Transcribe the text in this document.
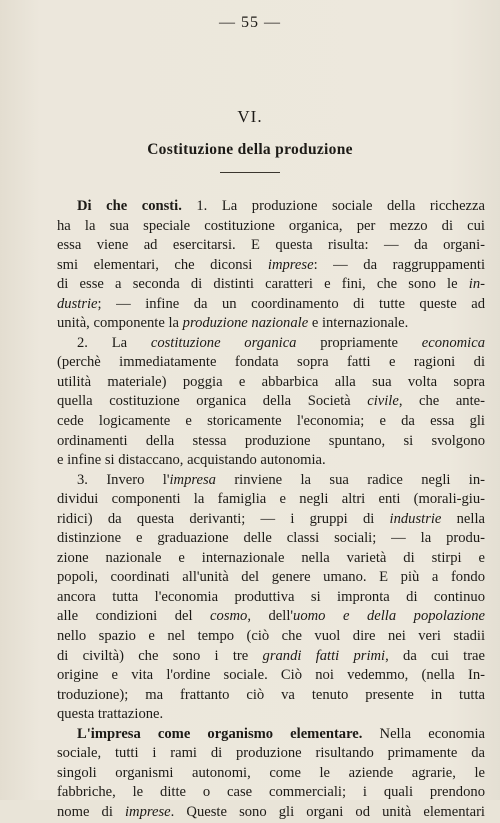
— 55 —
VI.
Costituzione della produzione
Di che consti. 1. La produzione sociale della ricchezza
ha la sua speciale costituzione organica, per mezzo di cui
essa viene ad esercitarsi. E questa risulta: — da organi-
smi elementari, che diconsi imprese: — da raggruppamenti
di esse a seconda di distinti caratteri e fini, che sono le in-
dustrie; — infine da un coordinamento di tutte queste ad
unità, componente la produzione nazionale e internazionale.
2. La costituzione organica propriamente economica
(perchè immediatamente fondata sopra fatti e ragioni di
utilità materiale) poggia e abbarbica alla sua volta sopra
quella costituzione organica della Società civile, che ante-
cede logicamente e storicamente l'economia; e da essa gli
ordinamenti della stessa produzione spuntano, si svolgono
e infine si distaccano, acquistando autonomia.
3. Invero l'impresa rinviene la sua radice negli in-
dividui componenti la famiglia e negli altri enti (morali-giu-
ridici) da questa derivanti; — i gruppi di industrie nella
distinzione e graduazione delle classi sociali; — la produ-
zione nazionale e internazionale nella varietà di stirpi e
popoli, coordinati all'unità del genere umano. E più a fondo
ancora tutta l'economia produttiva si impronta di continuo
alle condizioni del cosmo, dell'uomo e della popolazione
nello spazio e nel tempo (ciò che vuol dire nei veri stadii
di civiltà) che sono i tre grandi fatti primi, da cui trae
origine e vita l'ordine sociale. Ciò noi vedemmo, (nella In-
troduzione); ma frattanto ciò va tenuto presente in tutta
questa trattazione.
L'impresa come organismo elementare. Nella economia
sociale, tutti i rami di produzione risultando primamente da
singoli organismi autonomi, come le aziende agrarie, le
fabbriche, le ditte o case commerciali; i quali prendono
nome di imprese. Queste sono gli organi od unità elementari
